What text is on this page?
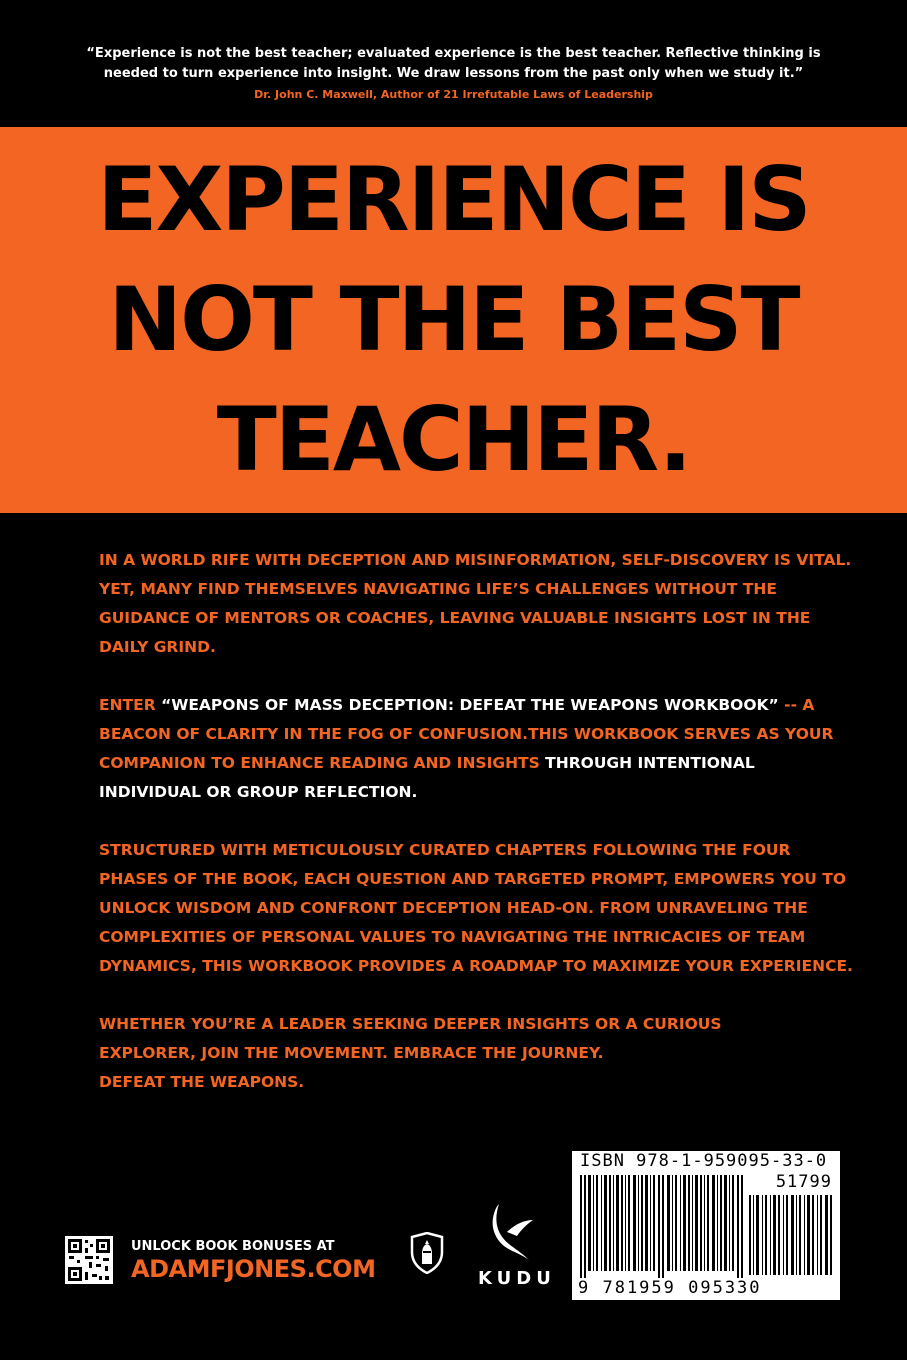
“Experience is not the best teacher; evaluated experience is the best teacher. Reflective thinking is
needed to turn experience into insight. We draw lessons from the past only when we study it.”
Dr. John C. Maxwell, Author of 21 Irrefutable Laws of Leadership
EXPERIENCE IS
NOT THE BEST
TEACHER.

IN A WORLD RIFE WITH DECEPTION AND MISINFORMATION, SELF-DISCOVERY IS VITAL. YET, MANY FIND THEMSELVES NAVIGATING LIFE’S CHALLENGES WITHOUT THE GUIDANCE OF MENTORS OR COACHES, LEAVING VALUABLE INSIGHTS LOST IN THE DAILY GRIND.

ENTER “WEAPONS OF MASS DECEPTION: DEFEAT THE WEAPONS WORKBOOK” -- A BEACON OF CLARITY IN THE FOG OF CONFUSION.THIS WORKBOOK SERVES AS YOUR COMPANION TO ENHANCE READING AND INSIGHTS THROUGH INTENTIONAL INDIVIDUAL OR GROUP REFLECTION.

STRUCTURED WITH METICULOUSLY CURATED CHAPTERS FOLLOWING THE FOUR PHASES OF THE BOOK, EACH QUESTION AND TARGETED PROMPT, EMPOWERS YOU TO UNLOCK WISDOM AND CONFRONT DECEPTION HEAD-ON. FROM UNRAVELING THE COMPLEXITIES OF PERSONAL VALUES TO NAVIGATING THE INTRICACIES OF TEAM DYNAMICS, THIS WORKBOOK PROVIDES A ROADMAP TO MAXIMIZE YOUR EXPERIENCE.

WHETHER YOU’RE A LEADER SEEKING DEEPER INSIGHTS OR A CURIOUS
EXPLORER, JOIN THE MOVEMENT. EMBRACE THE JOURNEY.
DEFEAT THE WEAPONS.

UNLOCK BOOK BONUSES AT
ADAMFJONES.COM	KUDU
ISBN 978-1-959095-33-0
51799
9 781959 095330
